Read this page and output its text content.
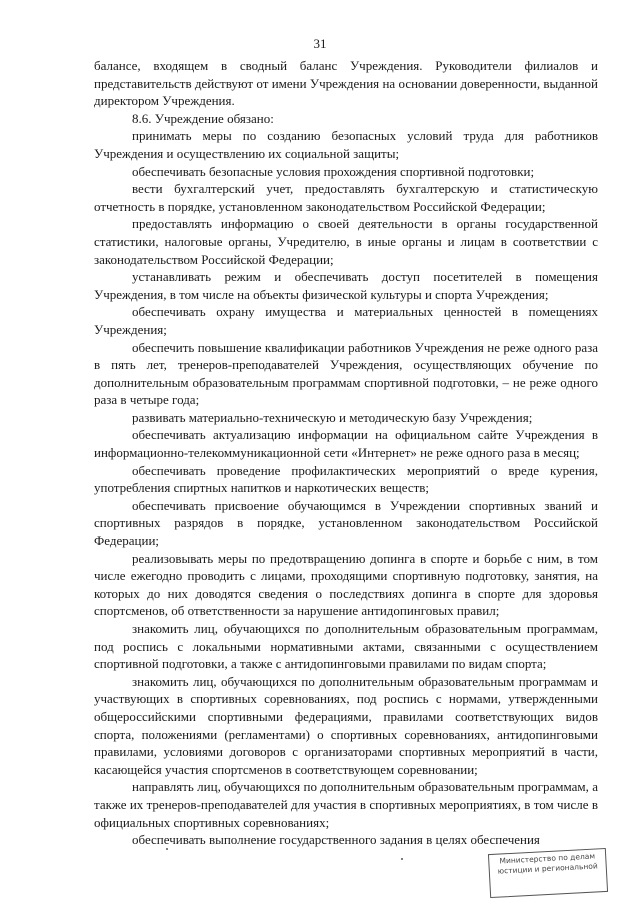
31

балансе, входящем в сводный баланс Учреждения. Руководители филиалов и представительств действуют от имени Учреждения на основании доверенности, выданной директором Учреждения.

8.6. Учреждение обязано:

принимать меры по созданию безопасных условий труда для работников Учреждения и осуществлению их социальной защиты;

обеспечивать безопасные условия прохождения спортивной подготовки;

вести бухгалтерский учет, предоставлять бухгалтерскую и статистическую отчетность в порядке, установленном законодательством Российской Федерации;

предоставлять информацию о своей деятельности в органы государственной статистики, налоговые органы, Учредителю, в иные органы и лицам в соответствии с законодательством Российской Федерации;

устанавливать режим и обеспечивать доступ посетителей в помещения Учреждения, в том числе на объекты физической культуры и спорта Учреждения;

обеспечивать охрану имущества и материальных ценностей в помещениях Учреждения;

обеспечить повышение квалификации работников Учреждения не реже одного раза в пять лет, тренеров-преподавателей Учреждения, осуществляющих обучение по дополнительным образовательным программам спортивной подготовки, – не реже одного раза в четыре года;

развивать материально-техническую и методическую базу Учреждения;

обеспечивать актуализацию информации на официальном сайте Учреждения в информационно-телекоммуникационной сети «Интернет» не реже одного раза в месяц;

обеспечивать проведение профилактических мероприятий о вреде курения, употребления спиртных напитков и наркотических веществ;

обеспечивать присвоение обучающимся в Учреждении спортивных званий и спортивных разрядов в порядке, установленном законодательством Российской Федерации;

реализовывать меры по предотвращению допинга в спорте и борьбе с ним, в том числе ежегодно проводить с лицами, проходящими спортивную подготовку, занятия, на которых до них доводятся сведения о последствиях допинга в спорте для здоровья спортсменов, об ответственности за нарушение антидопинговых правил;

знакомить лиц, обучающихся по дополнительным образовательным программам, под роспись с локальными нормативными актами, связанными с осуществлением спортивной подготовки, а также с антидопинговыми правилами по видам спорта;

знакомить лиц, обучающихся по дополнительным образовательным программам и участвующих в спортивных соревнованиях, под роспись с нормами, утвержденными общероссийскими спортивными федерациями, правилами соответствующих видов спорта, положениями (регламентами) о спортивных соревнованиях, антидопинговыми правилами, условиями договоров с организаторами спортивных мероприятий в части, касающейся участия спортсменов в соответствующем соревновании;

направлять лиц, обучающихся по дополнительным образовательным программам, а также их тренеров-преподавателей для участия в спортивных мероприятиях, в том числе в официальных спортивных соревнованиях;

обеспечивать выполнение государственного задания в целях обеспечения

Министерство по делам
юстиции и региональной
